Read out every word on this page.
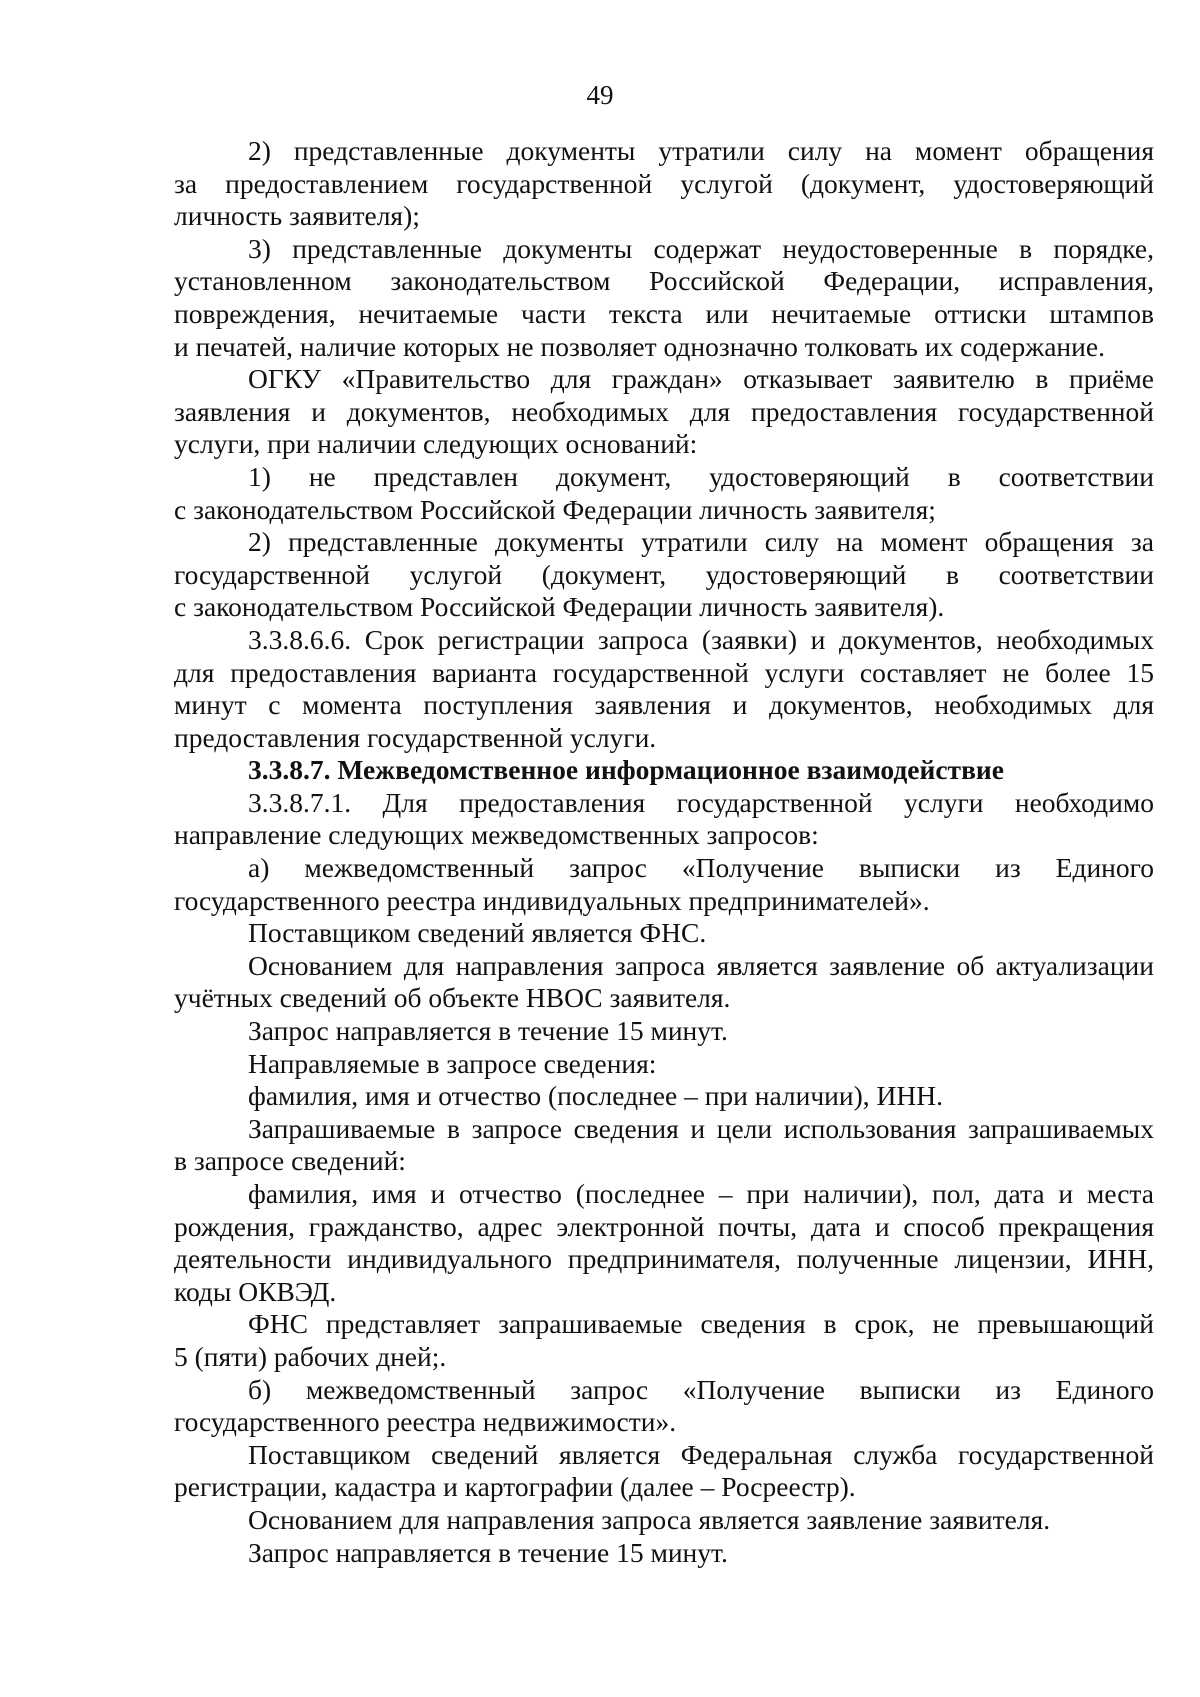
49
2) представленные документы утратили силу на момент обращения
за предоставлением государственной услугой (документ, удостоверяющий
личность заявителя);
3) представленные документы содержат неудостоверенные в порядке,
установленном законодательством Российской Федерации, исправления,
повреждения, нечитаемые части текста или нечитаемые оттиски штампов
и печатей, наличие которых не позволяет однозначно толковать их содержание.
ОГКУ «Правительство для граждан» отказывает заявителю в приёме
заявления и документов, необходимых для предоставления государственной
услуги, при наличии следующих оснований:
1) не представлен документ, удостоверяющий в соответствии
с законодательством Российской Федерации личность заявителя;
2) представленные документы утратили силу на момент обращения за
государственной услугой (документ, удостоверяющий в соответствии
с законодательством Российской Федерации личность заявителя).
3.3.8.6.6. Срок регистрации запроса (заявки) и документов, необходимых
для предоставления варианта государственной услуги составляет не более 15
минут с момента поступления заявления и документов, необходимых для
предоставления государственной услуги.
3.3.8.7. Межведомственное информационное взаимодействие
3.3.8.7.1. Для предоставления государственной услуги необходимо
направление следующих межведомственных запросов:
а) межведомственный запрос «Получение выписки из Единого
государственного реестра индивидуальных предпринимателей».
Поставщиком сведений является ФНС.
Основанием для направления запроса является заявление об актуализации
учётных сведений об объекте НВОС заявителя.
Запрос направляется в течение 15 минут.
Направляемые в запросе сведения:
фамилия, имя и отчество (последнее – при наличии), ИНН.
Запрашиваемые в запросе сведения и цели использования запрашиваемых
в запросе сведений:
фамилия, имя и отчество (последнее – при наличии), пол, дата и места
рождения, гражданство, адрес электронной почты, дата и способ прекращения
деятельности индивидуального предпринимателя, полученные лицензии, ИНН,
коды ОКВЭД.
ФНС представляет запрашиваемые сведения в срок, не превышающий
5 (пяти) рабочих дней;.
б) межведомственный запрос «Получение выписки из Единого
государственного реестра недвижимости».
Поставщиком сведений является Федеральная служба государственной
регистрации, кадастра и картографии (далее – Росреестр).
Основанием для направления запроса является заявление заявителя.
Запрос направляется в течение 15 минут.
